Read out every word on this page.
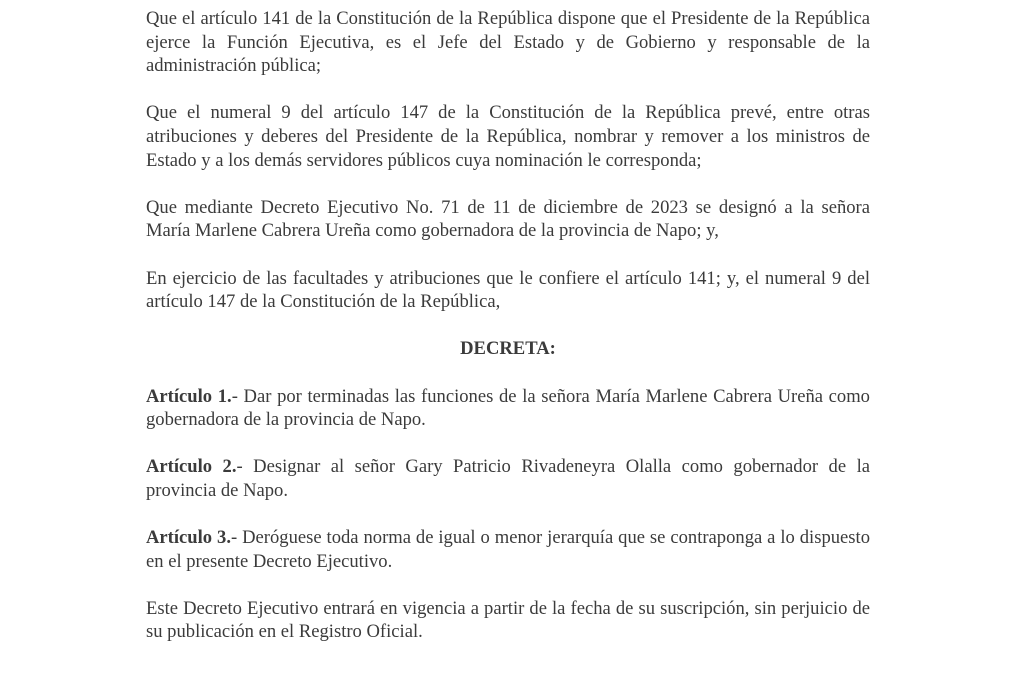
Que el artículo 141 de la Constitución de la República dispone que el Presidente de la República ejerce la Función Ejecutiva, es el Jefe del Estado y de Gobierno y responsable de la administración pública;

Que el numeral 9 del artículo 147 de la Constitución de la República prevé, entre otras atribuciones y deberes del Presidente de la República, nombrar y remover a los ministros de Estado y a los demás servidores públicos cuya nominación le corresponda;

Que mediante Decreto Ejecutivo No. 71 de 11 de diciembre de 2023 se designó a la señora María Marlene Cabrera Ureña como gobernadora de la provincia de Napo; y,

En ejercicio de las facultades y atribuciones que le confiere el artículo 141; y, el numeral 9 del artículo 147 de la Constitución de la República,

DECRETA:

Artículo 1.- Dar por terminadas las funciones de la señora María Marlene Cabrera Ureña como gobernadora de la provincia de Napo.

Artículo 2.- Designar al señor Gary Patricio Rivadeneyra Olalla como gobernador de la provincia de Napo.

Artículo 3.- Deróguese toda norma de igual o menor jerarquía que se contraponga a lo dispuesto en el presente Decreto Ejecutivo.

Este Decreto Ejecutivo entrará en vigencia a partir de la fecha de su suscripción, sin perjuicio de su publicación en el Registro Oficial.
